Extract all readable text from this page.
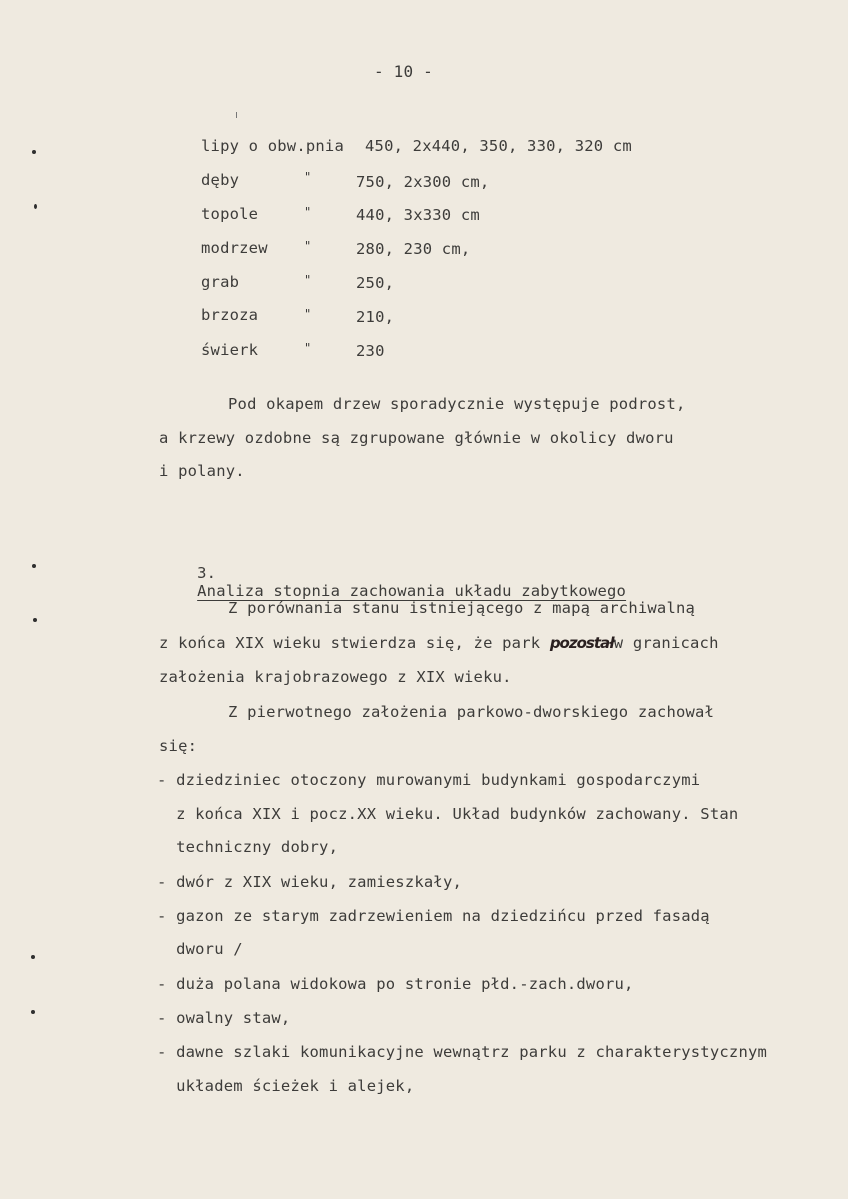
- 10 -
lipy o obw.pnia 450, 2x440, 350, 330, 320 cm
dęby	"	750, 2x300 cm,
topole	"	440, 3x330 cm
modrzew	"	280, 230 cm,
grab	"	250,
brzoza	"	210,
świerk	"	230
Pod okapem drzew sporadycznie występuje podrost,
a krzewy ozdobne są zgrupowane głównie w okolicy dworu
i polany.

3.
Analiza stopnia zachowania układu zabytkowego

Z porównania stanu istniejącego z mapą archiwalną
z końca XIX wieku stwierdza się, że park pozostałw granicach
założenia krajobrazowego z XIX wieku.
Z pierwotnego założenia parkowo-dworskiego zachował
się:
- dziedziniec otoczony murowanymi budynkami gospodarczymi
z końca XIX i pocz.XX wieku. Układ budynków zachowany. Stan
techniczny dobry,
- dwór z XIX wieku, zamieszkały,
- gazon ze starym zadrzewieniem na dziedzińcu przed fasadą
dworu /
- duża polana widokowa po stronie płd.-zach.dworu,
- owalny staw,
- dawne szlaki komunikacyjne wewnątrz parku z charakterystycznym
układem ścieżek i alejek,
